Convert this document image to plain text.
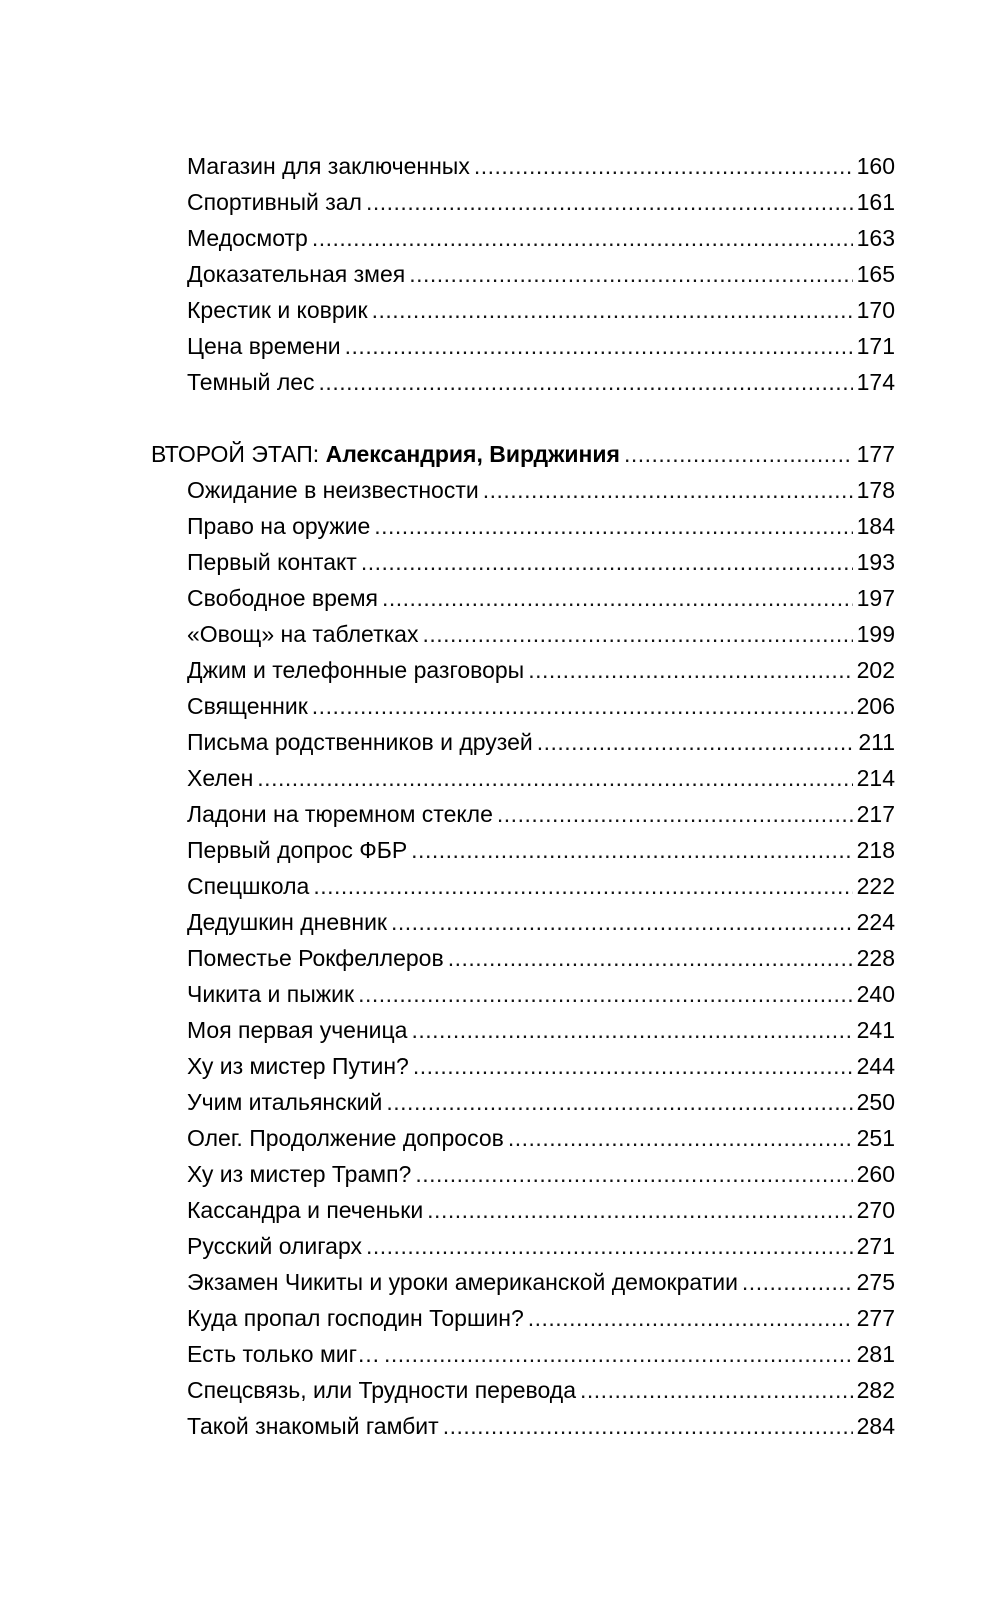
Магазин для заключенных .....	160
Спортивный зал .....	161
Медосмотр .....	163
Доказательная змея .....	165
Крестик и коврик .....	170
Цена времени .....	171
Темный лес .....	174
ВТОРОЙ ЭТАП: Александрия, Вирджиния .....	177
Ожидание в неизвестности .....	178
Право на оружие .....	184
Первый контакт .....	193
Свободное время .....	197
«Овощ» на таблетках .....	199
Джим и телефонные разговоры .....	202
Священник .....	206
Письма родственников и друзей .....	211
Хелен .....	214
Ладони на тюремном стекле .....	217
Первый допрос ФБР .....	218
Спецшкола .....	222
Дедушкин дневник .....	224
Поместье Рокфеллеров .....	228
Чикита и пыжик .....	240
Моя первая ученица .....	241
Ху из мистер Путин? .....	244
Учим итальянский .....	250
Олег. Продолжение допросов .....	251
Ху из мистер Трамп? .....	260
Кассандра и печеньки .....	270
Русский олигарх .....	271
Экзамен Чикиты и уроки американской демократии .....	275
Куда пропал господин Торшин? .....	277
Есть только миг… .....	281
Спецсвязь, или Трудности перевода .....	282
Такой знакомый гамбит .....	284
